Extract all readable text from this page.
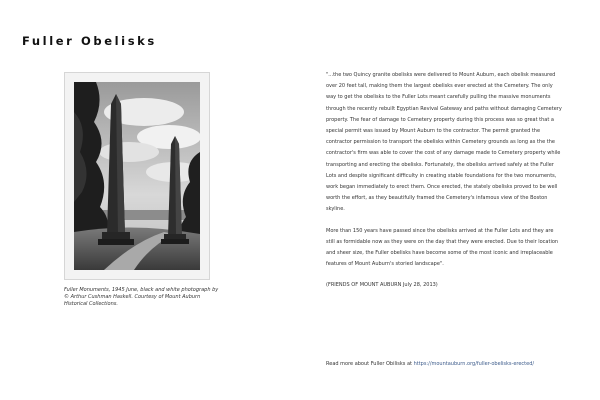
Fuller Obelisks
Fuller Monuments, 1945 June, black and white photograph by © Arthur Cushman Haskell. Courtesy of Mount Auburn Historical Collections.

"...the two Quincy granite obelisks were delivered to Mount Auburn, each obelisk measured over 20 feet tall, making them the largest obelisks ever erected at the Cemetery. The only way to get the obelisks to the Fuller Lots meant carefully pulling the massive monuments through the recently rebuilt Egyptian Revival Gateway and paths without damaging Cemetery property. The fear of damage to Cemetery property during this process was so great that a special permit was issued by Mount Auburn to the contractor. The permit granted the contractor permission to transport the obelisks within Cemetery grounds as long as the the contractor's firm was able to cover the cost of any damage made to Cemetery property while transporting and erecting the obelisks. Fortunately, the obelisks arrived safely at the Fuller Lots and despite significant difficulty in creating stable foundations for the two monuments, work began immediately to erect them. Once erected, the stately obelisks proved to be well worth the effort, as they beautifully framed the Cemetery's infamous view of the Boston skyline.

More than 150 years have passed since the obelisks arrived at the Fuller Lots and they are still as formidable now as they were on the day that they were erected. Due to their location and sheer size, the Fuller obelisks have become some of the most iconic and irreplaceable features of Mount Auburn's storied landscape".

(FRIENDS OF MOUNT AUBURN July 28, 2013)

Read more about Fuller Obilisks at https://mountauburn.org/fuller-obelisks-erected/
